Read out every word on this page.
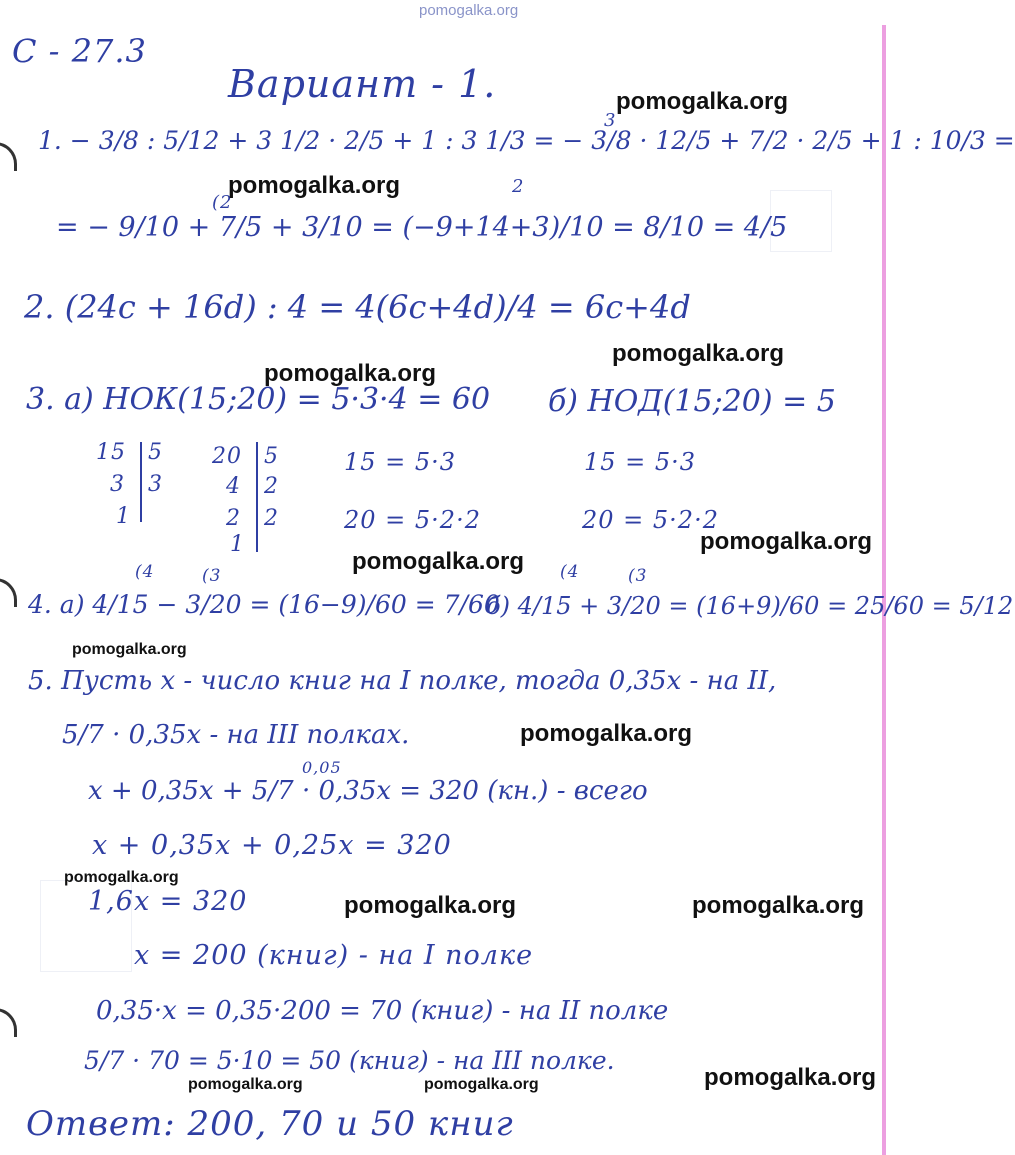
pomogalka.org
С - 27.3
Вариант - 1.
1. − 3/8 : 5/12 + 3 1/2 · 2/5 + 1 : 3 1/3 = − 3/8 · 12/5 + 7/2 · 2/5 + 1 : 10/3 =
3
2
= − 9/10 + 7/5 + 3/10 = (−9+14+3)/10 = 8/10 = 4/5
(2
2. (24c + 16d) : 4 = 4(6c+4d)/4 = 6c+4d
3. а) НОК(15;20) = 5·3·4 = 60 б) НОД(15;20) = 5
15
3
1
5
3
20
4
2
1
5
2
2
15 = 5·3
20 = 5·2·2
15 = 5·3
20 = 5·2·2
4. а) 4/15 − 3/20 = (16−9)/60 = 7/60
(4	(3
б) 4/15 + 3/20 = (16+9)/60 = 25/60 = 5/12
(4	(3
5. Пусть x - число книг на I полке, тогда 0,35x - на II,
5/7 · 0,35x - на III полках.
0,05
x + 0,35x + 5/7 · 0,35x = 320 (кн.) - всего
x + 0,35x + 0,25x = 320
1,6x = 320
x = 200 (книг) - на I полке
0,35·x = 0,35·200 = 70 (книг) - на II полке
5/7 · 70 = 5·10 = 50 (книг) - на III полке.
Ответ: 200, 70 и 50 книг
pomogalka.org
pomogalka.org
pomogalka.org
pomogalka.org
pomogalka.org
pomogalka.org
pomogalka.org
pomogalka.org
pomogalka.org
pomogalka.org	pomogalka.org
pomogalka.org
pomogalka.org	pomogalka.org
